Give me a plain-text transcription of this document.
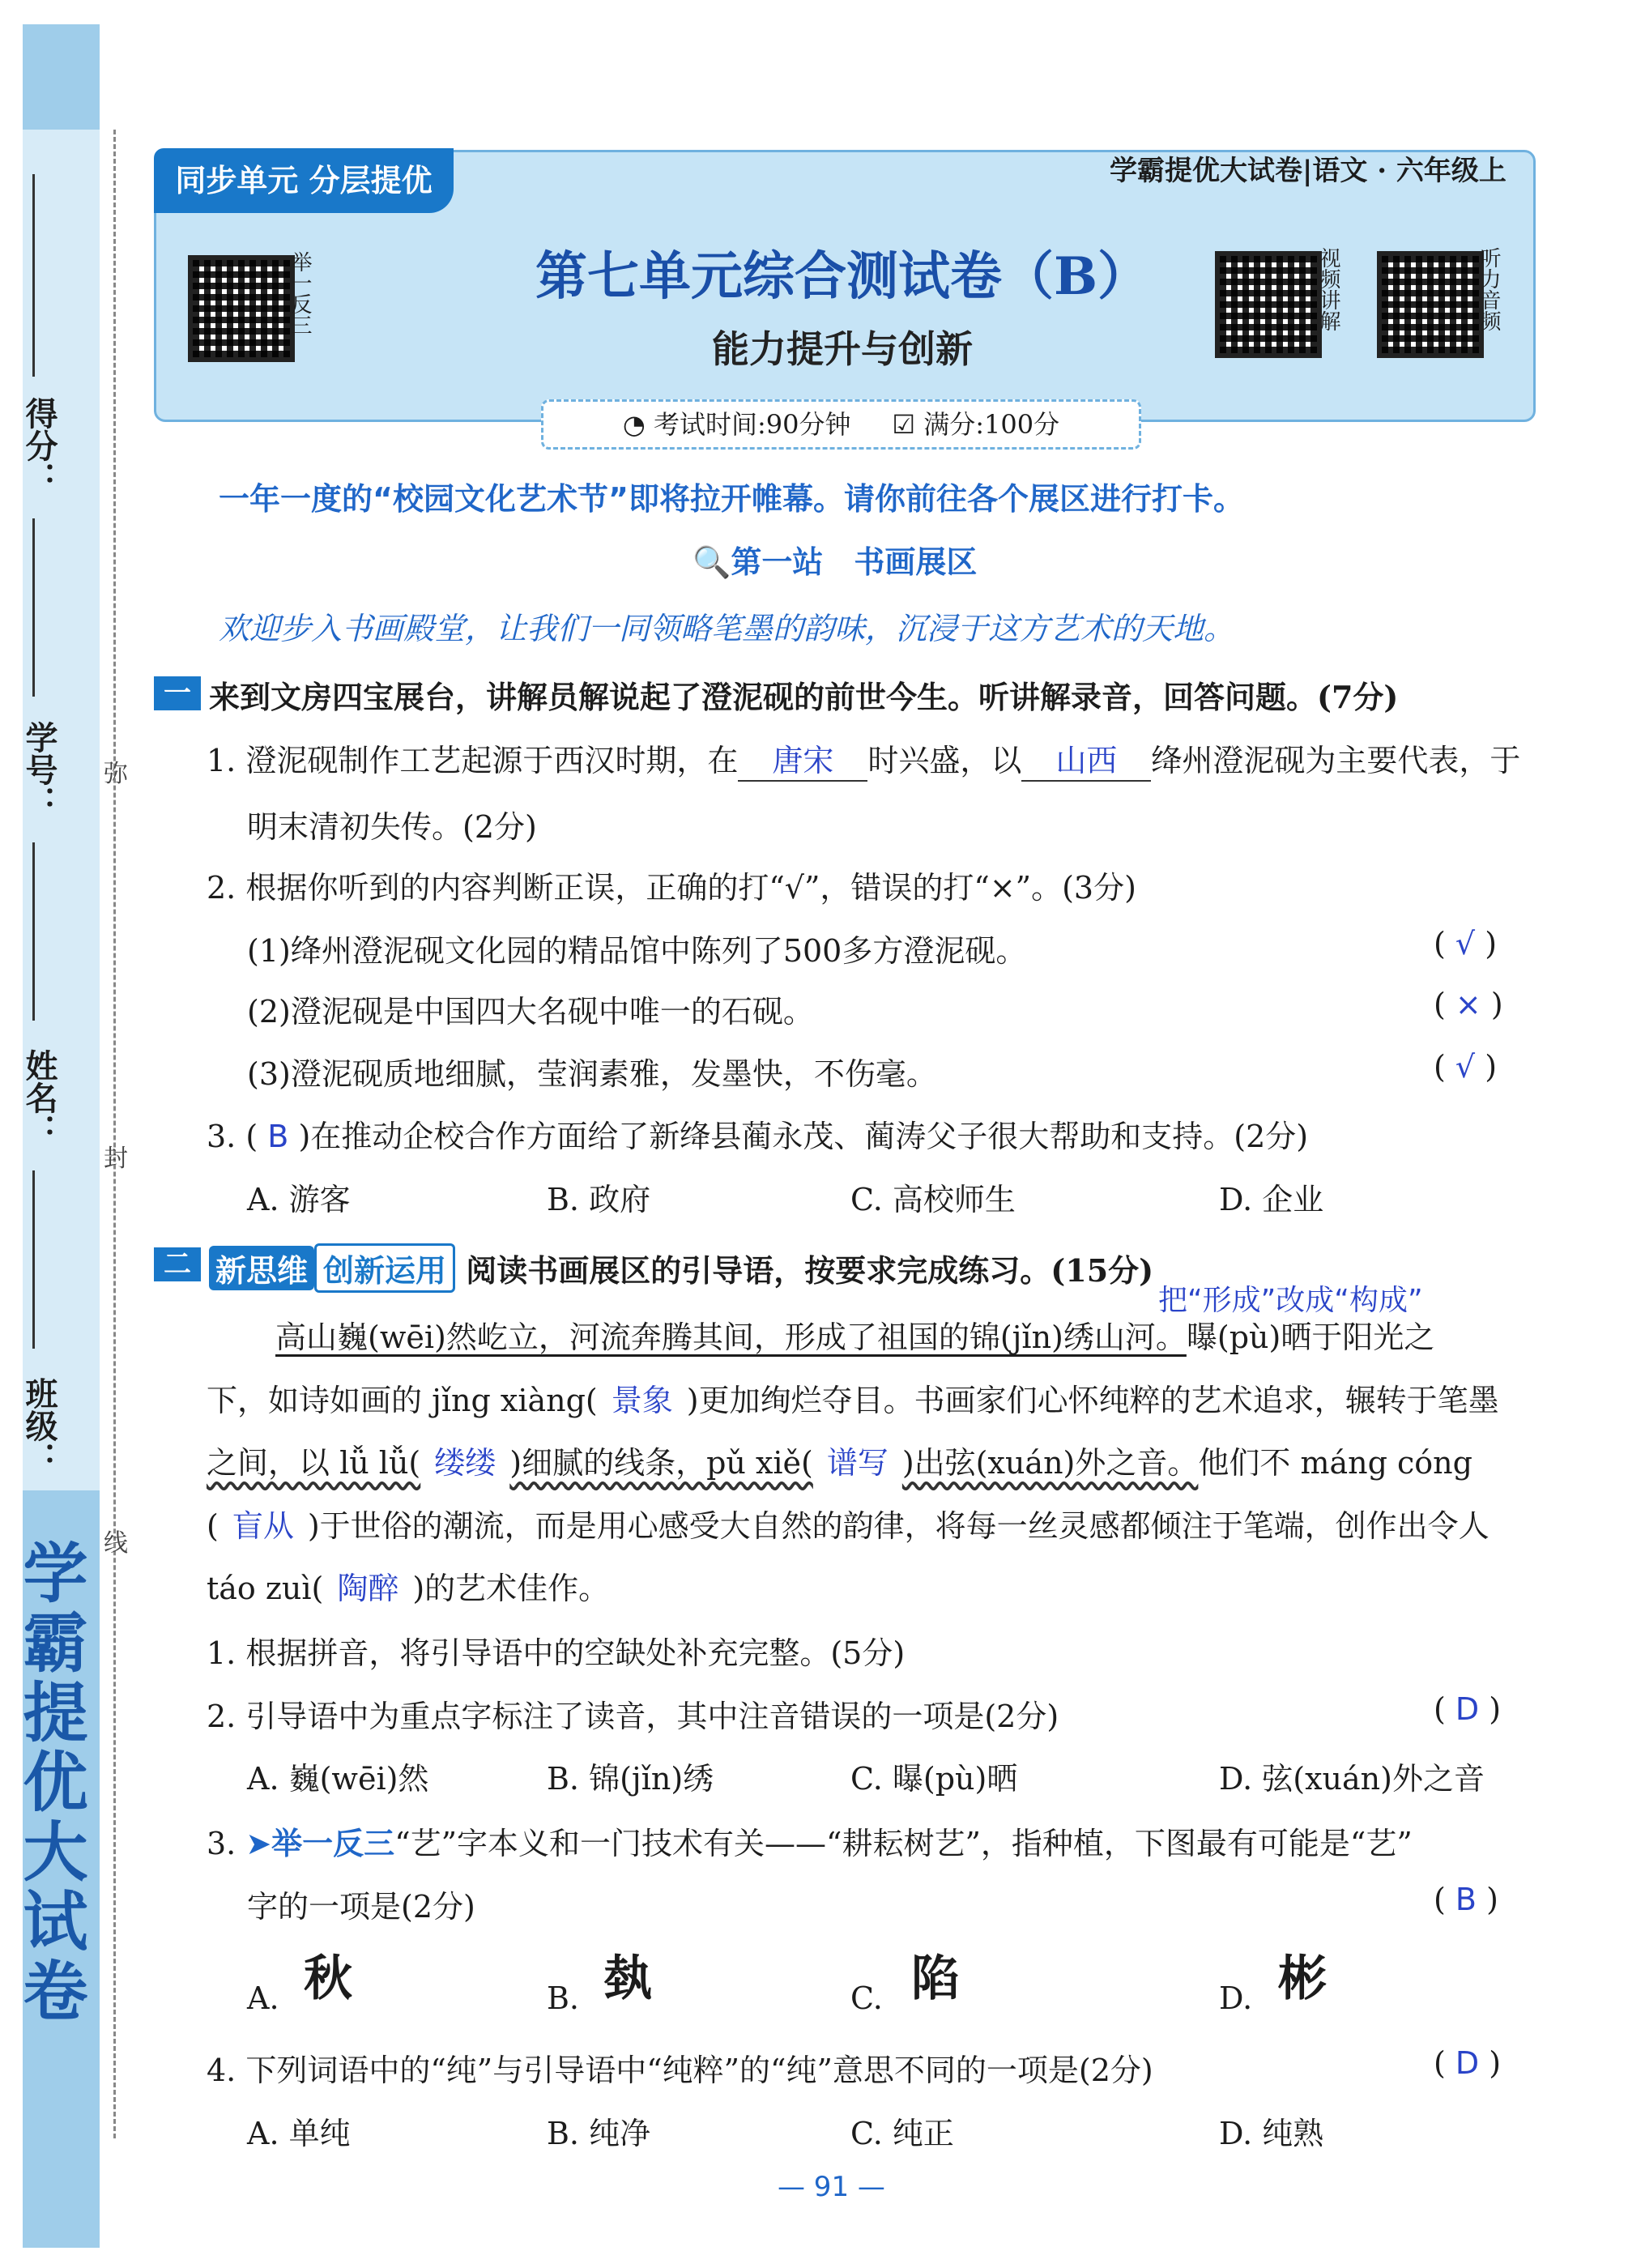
学霸提优大试卷
得分：
学号：
姓名：
班级：
弥
封
线
同步单元 分层提优	学霸提优大试卷|语文 · 六年级上
举一反三	视频讲解	听力音频
第七单元综合测试卷（B）
能力提升与创新
◔ 考试时间:90分钟 ☑ 满分:100分
一年一度的“校园文化艺术节”即将拉开帷幕。请你前往各个展区进行打卡。
🔍第一站　书画展区
欢迎步入书画殿堂，让我们一同领略笔墨的韵味，沉浸于这方艺术的天地。
一 来到文房四宝展台，讲解员解说起了澄泥砚的前世今生。听讲解录音，回答问题。(7分)
1. 澄泥砚制作工艺起源于西汉时期，在 唐宋 时兴盛，以 山西 绛州澄泥砚为主要代表，于
明末清初失传。(2分)
2. 根据你听到的内容判断正误，正确的打“√”，错误的打“×”。(3分)
(1)绛州澄泥砚文化园的精品馆中陈列了500多方澄泥砚。	( √ )
(2)澄泥砚是中国四大名砚中唯一的石砚。	( × )
(3)澄泥砚质地细腻，莹润素雅，发墨快，不伤毫。	( √ )
3. ( B )在推动企校合作方面给了新绛县蔺永茂、蔺涛父子很大帮助和支持。(2分)
A. 游客	B. 政府	C. 高校师生	D. 企业
二 新思维 创新运用 阅读书画展区的引导语，按要求完成练习。(15分)
把“形成”改成“构成”
高山巍(wēi)然屹立，河流奔腾其间，形成了祖国的锦(jǐn)绣山河。曝(pù)晒于阳光之
下，如诗如画的 jǐng xiàng( 景象 )更加绚烂夺目。书画家们心怀纯粹的艺术追求，辗转于笔墨
之间，以 lǚ lǚ( 缕缕 )细腻的线条，pǔ xiě( 谱写 )出弦(xuán)外之音。他们不 máng cóng
( 盲从 )于世俗的潮流，而是用心感受大自然的韵律，将每一丝灵感都倾注于笔端，创作出令人
táo zuì( 陶醉 )的艺术佳作。
1. 根据拼音，将引导语中的空缺处补充完整。(5分)
2. 引导语中为重点字标注了读音，其中注音错误的一项是(2分)	( D )
A. 巍(wēi)然	B. 锦(jǐn)绣	C. 曝(pù)晒	D. 弦(xuán)外之音
3. ➤举一反三“艺”字本义和一门技术有关——“耕耘树艺”，指种植，下图最有可能是“艺”
字的一项是(2分)	( B )
A. 秋	B. 埶	C. 陷	D. 彬
4. 下列词语中的“纯”与引导语中“纯粹”的“纯”意思不同的一项是(2分)	( D )
A. 单纯	B. 纯净	C. 纯正	D. 纯熟
— 91 —
